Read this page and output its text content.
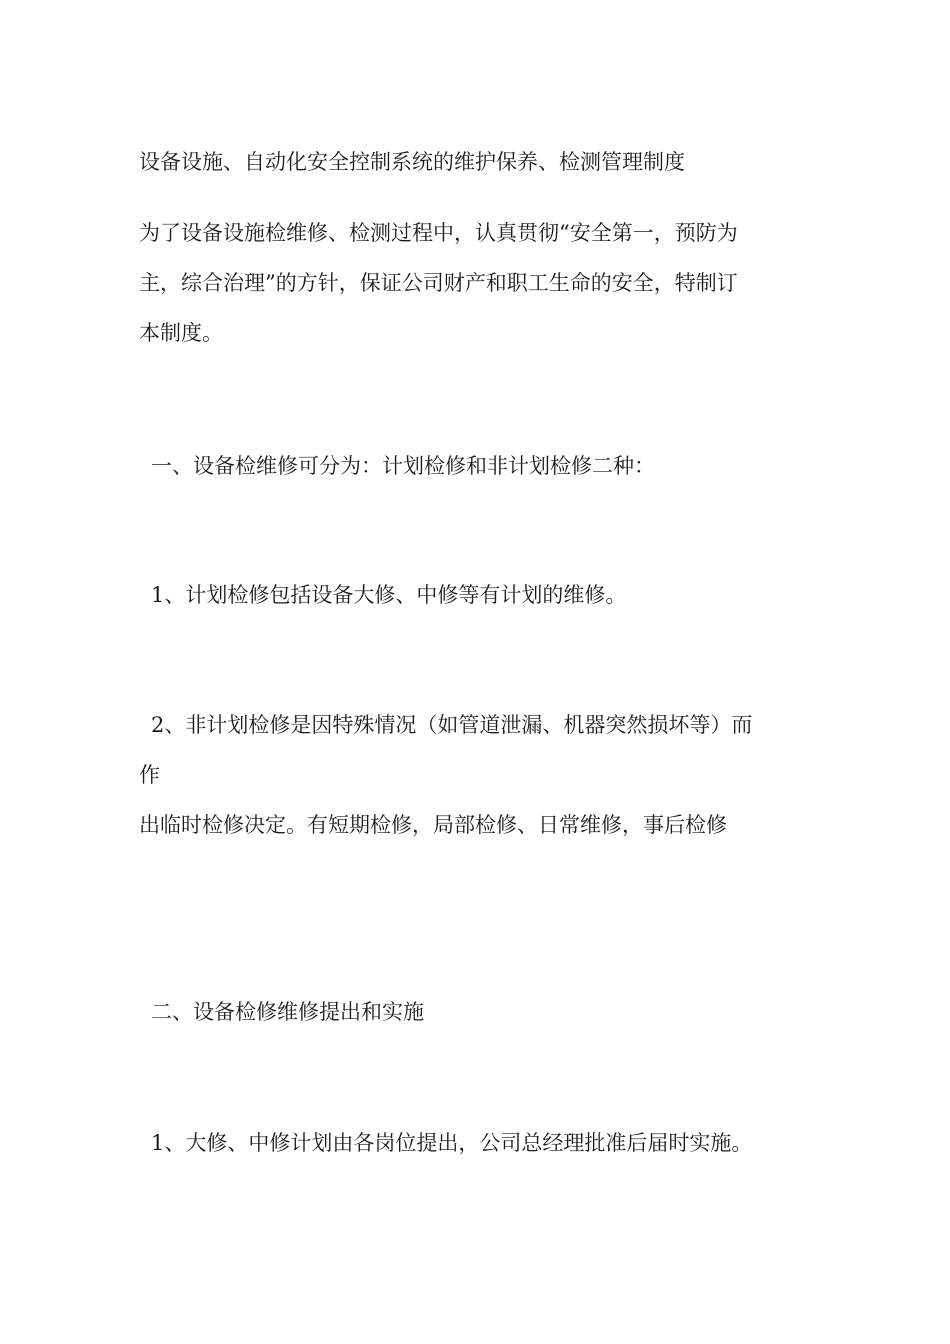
设备设施、自动化安全控制系统的维护保养、检测管理制度

为了设备设施检维修、检测过程中，认真贯彻“安全第一，预防为

主，综合治理”的方针，保证公司财产和职工生命的安全，特制订

本制度。

一、设备检维修可分为：计划检修和非计划检修二种：

1、计划检修包括设备大修、中修等有计划的维修。

2、非计划检修是因特殊情况（如管道泄漏、机器突然损坏等）而

作

出临时检修决定。有短期检修，局部检修、日常维修，事后检修

二、设备检修维修提出和实施

1、大修、中修计划由各岗位提出，公司总经理批准后届时实施。
